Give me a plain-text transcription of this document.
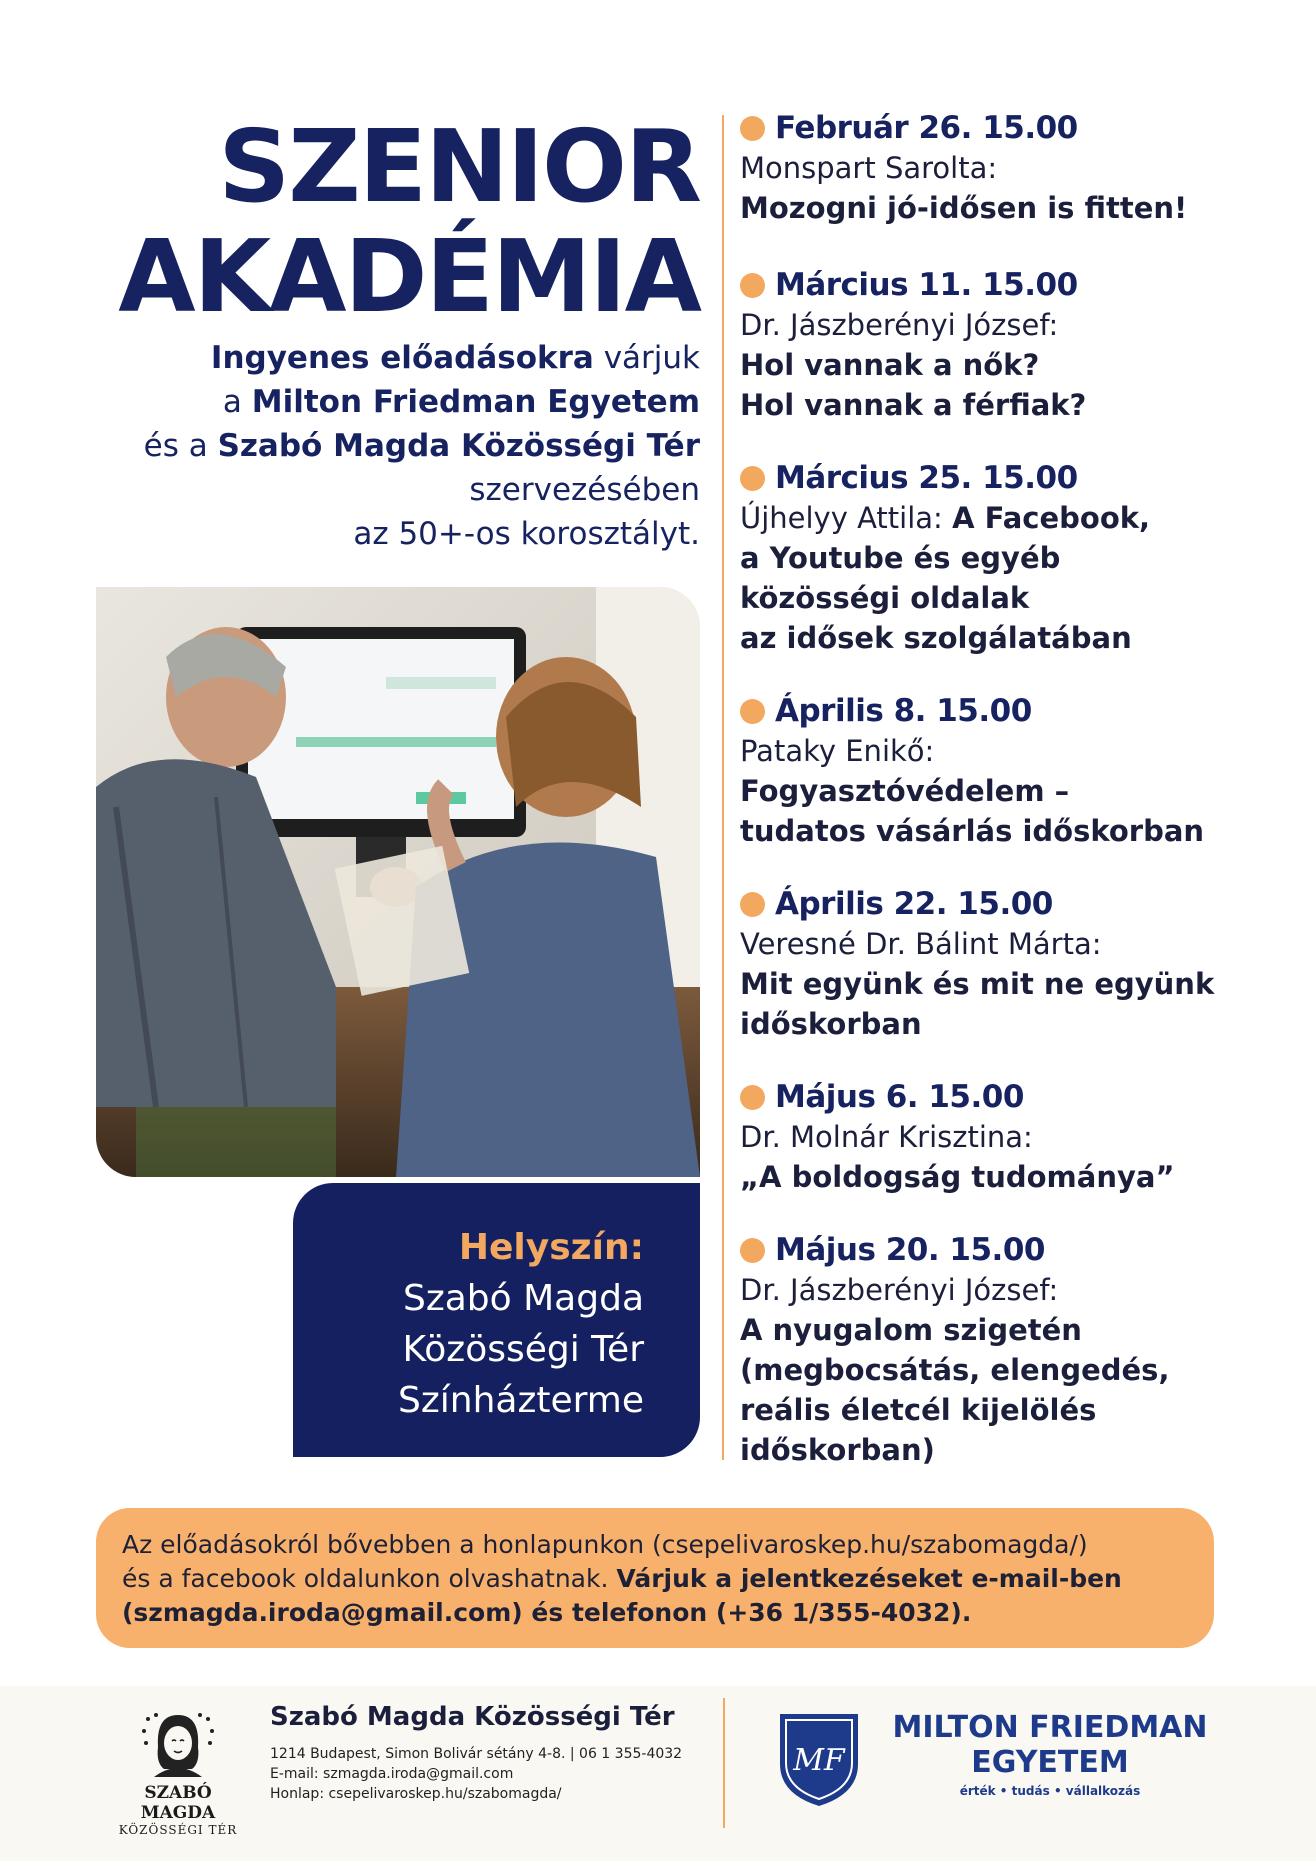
SZENIOR
AKADÉMIA
Ingyenes előadásokra várjuk
a Milton Friedman Egyetem
és a Szabó Magda Közösségi Tér
szervezésében
az 50+-os korosztályt.
Helyszín:
Szabó Magda
Közösségi Tér
Színházterme
Február 26. 15.00
Monspart Sarolta:
Mozogni jó-idősen is fitten!
Március 11. 15.00
Dr. Jászberényi József:
Hol vannak a nők?
Hol vannak a férfiak?
Március 25. 15.00
Újhelyy Attila: A Facebook,
a Youtube és egyéb
közösségi oldalak
az idősek szolgálatában
Április 8. 15.00
Pataky Enikő:
Fogyasztóvédelem –
tudatos vásárlás időskorban
Április 22. 15.00
Veresné Dr. Bálint Márta:
Mit együnk és mit ne együnk
időskorban
Május 6. 15.00
Dr. Molnár Krisztina:
„A boldogság tudománya”
Május 20. 15.00
Dr. Jászberényi József:
A nyugalom szigetén
(megbocsátás, elengedés,
reális életcél kijelölés
időskorban)
Az előadásokról bővebben a honlapunkon (csepelivaroskep.hu/szabomagda/)
és a facebook oldalunkon olvashatnak. Várjuk a jelentkezéseket e-mail-ben
(szmagda.iroda@gmail.com) és telefonon (+36 1/355-4032).
SZABÓ MAGDA
KÖZÖSSÉGI TÉR
Szabó Magda Közösségi Tér
1214 Budapest, Simon Bolivár sétány 4-8. | 06 1 355-4032
E-mail: szmagda.iroda@gmail.com
Honlap: csepelivaroskep.hu/szabomagda/
MF
MILTON FRIEDMAN
EGYETEM
érték • tudás • vállalkozás
